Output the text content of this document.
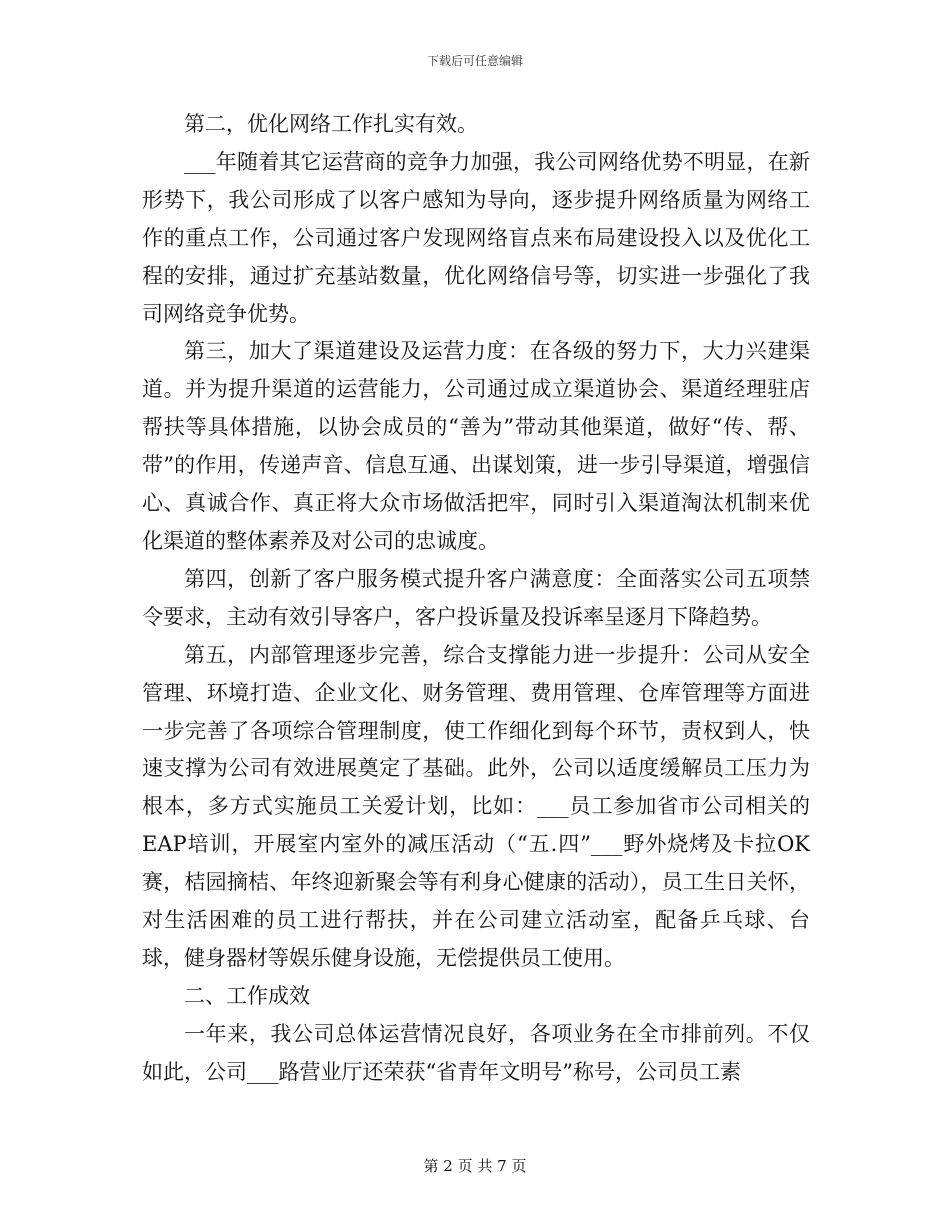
下载后可任意编辑

第二，优化网络工作扎实有效。

___年随着其它运营商的竞争力加强，我公司网络优势不明显，在新形势下，我公司形成了以客户感知为导向，逐步提升网络质量为网络工作的重点工作，公司通过客户发现网络盲点来布局建设投入以及优化工程的安排，通过扩充基站数量，优化网络信号等，切实进一步强化了我司网络竞争优势。

第三，加大了渠道建设及运营力度：在各级的努力下，大力兴建渠道。并为提升渠道的运营能力，公司通过成立渠道协会、渠道经理驻店帮扶等具体措施，以协会成员的“善为”带动其他渠道，做好“传、帮、带”的作用，传递声音、信息互通、出谋划策，进一步引导渠道，增强信心、真诚合作、真正将大众市场做活把牢，同时引入渠道淘汰机制来优化渠道的整体素养及对公司的忠诚度。

第四，创新了客户服务模式提升客户满意度：全面落实公司五项禁令要求，主动有效引导客户，客户投诉量及投诉率呈逐月下降趋势。

第五，内部管理逐步完善，综合支撑能力进一步提升：公司从安全管理、环境打造、企业文化、财务管理、费用管理、仓库管理等方面进一步完善了各项综合管理制度，使工作细化到每个环节，责权到人，快速支撑为公司有效进展奠定了基础。此外，公司以适度缓解员工压力为根本，多方式实施员工关爱计划，比如：___员工参加省市公司相关的EAP培训，开展室内室外的减压活动（“五.四”___野外烧烤及卡拉OK赛，桔园摘桔、年终迎新聚会等有利身心健康的活动），员工生日关怀，对生活困难的员工进行帮扶，并在公司建立活动室，配备乒乓球、台球，健身器材等娱乐健身设施，无偿提供员工使用。

二、工作成效

一年来，我公司总体运营情况良好，各项业务在全市排前列。不仅如此，公司___路营业厅还荣获“省青年文明号”称号，公司员工素

第 2 页 共 7 页
